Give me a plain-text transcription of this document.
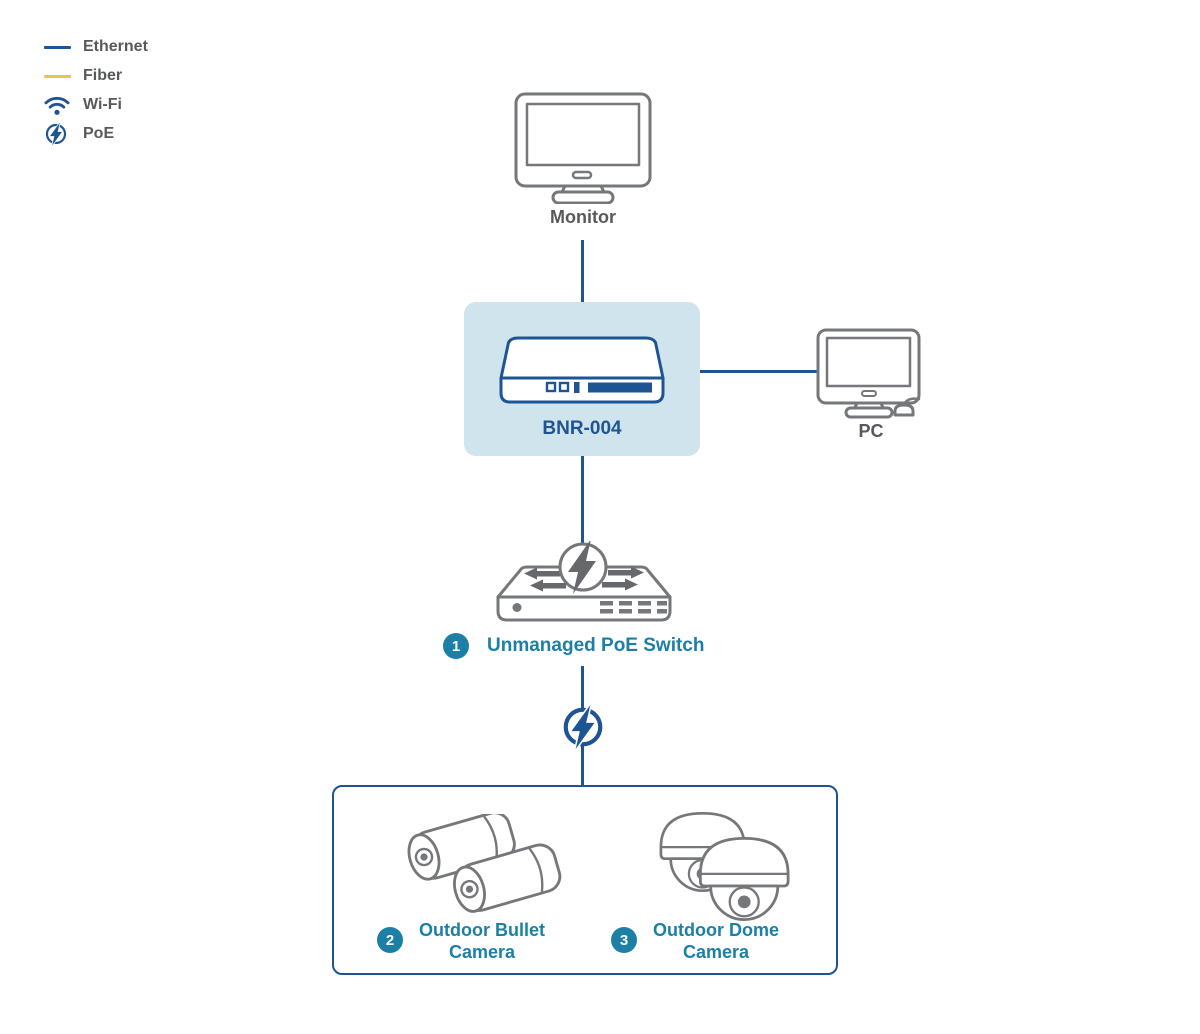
Ethernet
Fiber
Wi-Fi
PoE
Monitor
BNR-004	PC
1	Unmanaged PoE Switch
2	Outdoor Bullet
Camera
3	Outdoor Dome
Camera
